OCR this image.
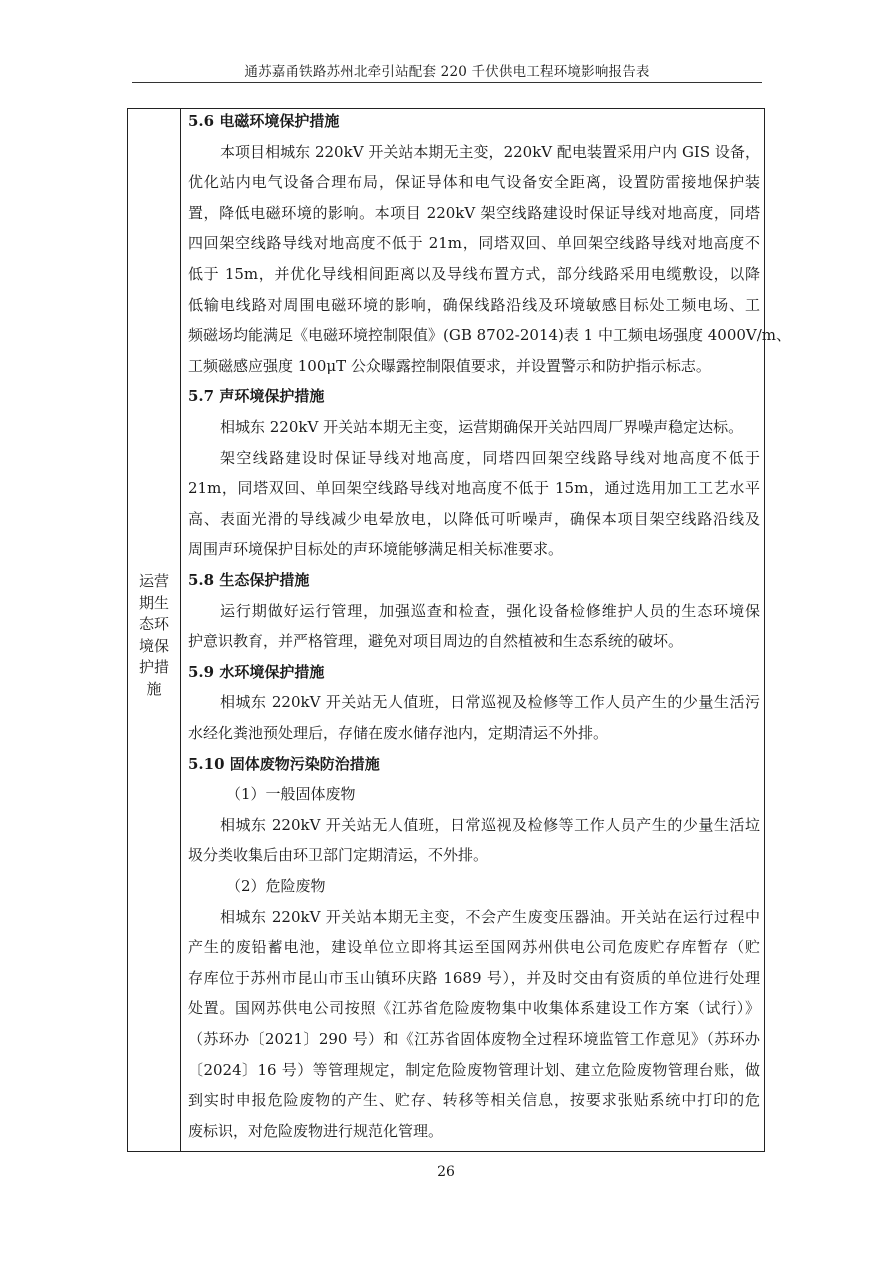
通苏嘉甬铁路苏州北牵引站配套 220 千伏供电工程环境影响报告表
运营期生态环境保护措施
5.6 电磁环境保护措施
本项目相城东 220kV 开关站本期无主变，220kV 配电装置采用户内 GIS 设备，
优化站内电气设备合理布局，保证导体和电气设备安全距离，设置防雷接地保护装
置，降低电磁环境的影响。本项目 220kV 架空线路建设时保证导线对地高度，同塔
四回架空线路导线对地高度不低于 21m，同塔双回、单回架空线路导线对地高度不
低于 15m，并优化导线相间距离以及导线布置方式，部分线路采用电缆敷设，以降
低输电线路对周围电磁环境的影响，确保线路沿线及环境敏感目标处工频电场、工
频磁场均能满足《电磁环境控制限值》(GB 8702-2014)表 1 中工频电场强度 4000V/m、
工频磁感应强度 100μT 公众曝露控制限值要求，并设置警示和防护指示标志。
5.7 声环境保护措施
相城东 220kV 开关站本期无主变，运营期确保开关站四周厂界噪声稳定达标。
架空线路建设时保证导线对地高度，同塔四回架空线路导线对地高度不低于
21m，同塔双回、单回架空线路导线对地高度不低于 15m，通过选用加工工艺水平
高、表面光滑的导线减少电晕放电，以降低可听噪声，确保本项目架空线路沿线及
周围声环境保护目标处的声环境能够满足相关标准要求。
5.8 生态保护措施
运行期做好运行管理，加强巡查和检查，强化设备检修维护人员的生态环境保
护意识教育，并严格管理，避免对项目周边的自然植被和生态系统的破坏。
5.9 水环境保护措施
相城东 220kV 开关站无人值班，日常巡视及检修等工作人员产生的少量生活污
水经化粪池预处理后，存储在废水储存池内，定期清运不外排。
5.10 固体废物污染防治措施
（1）一般固体废物
相城东 220kV 开关站无人值班，日常巡视及检修等工作人员产生的少量生活垃
圾分类收集后由环卫部门定期清运，不外排。
（2）危险废物
相城东 220kV 开关站本期无主变，不会产生废变压器油。开关站在运行过程中
产生的废铅蓄电池，建设单位立即将其运至国网苏州供电公司危废贮存库暂存（贮
存库位于苏州市昆山市玉山镇环庆路 1689 号），并及时交由有资质的单位进行处理
处置。国网苏供电公司按照《江苏省危险废物集中收集体系建设工作方案（试行）》
（苏环办〔2021〕290 号）和《江苏省固体废物全过程环境监管工作意见》（苏环办
〔2024〕16 号）等管理规定，制定危险废物管理计划、建立危险废物管理台账，做
到实时申报危险废物的产生、贮存、转移等相关信息，按要求张贴系统中打印的危
废标识，对危险废物进行规范化管理。
26
